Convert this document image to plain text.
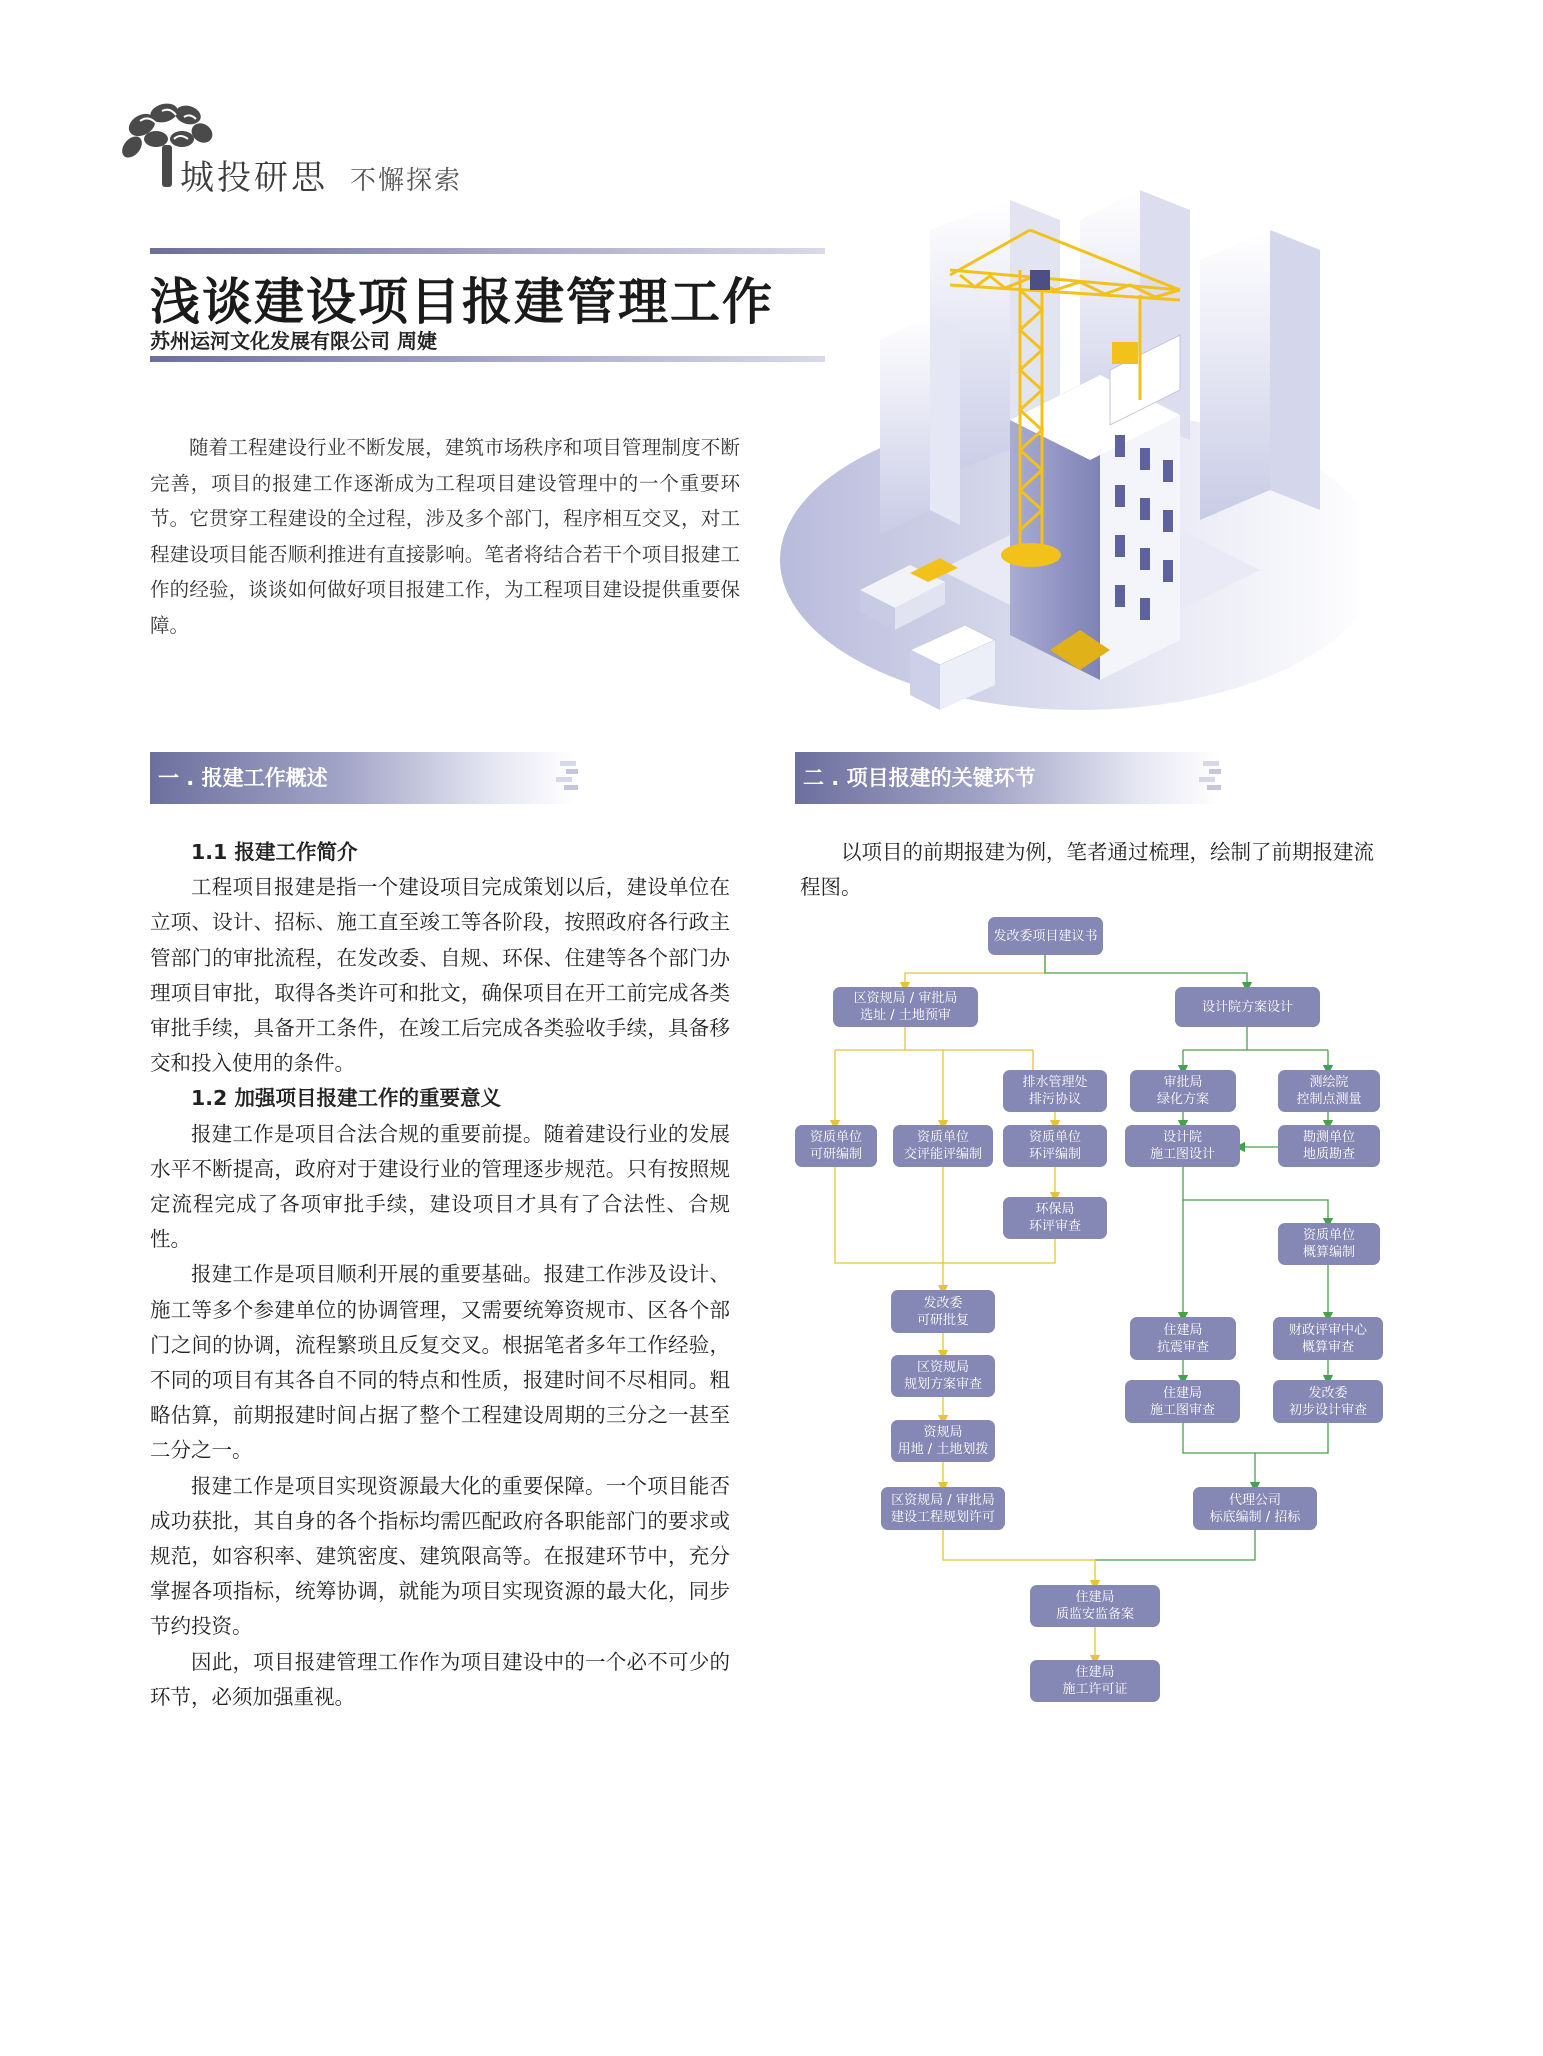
城投研思 不懈探索
浅谈建设项目报建管理工作
苏州运河文化发展有限公司 周婕
随着工程建设行业不断发展，建筑市场秩序和项目管理制度不断完善，项目的报建工作逐渐成为工程项目建设管理中的一个重要环节。它贯穿工程建设的全过程，涉及多个部门，程序相互交叉，对工程建设项目能否顺利推进有直接影响。笔者将结合若干个项目报建工作的经验，谈谈如何做好项目报建工作，为工程项目建设提供重要保障。
一 . 报建工作概述	二 . 项目报建的关键环节

1.1 报建工作简介

工程项目报建是指一个建设项目完成策划以后，建设单位在立项、设计、招标、施工直至竣工等各阶段，按照政府各行政主管部门的审批流程，在发改委、自规、环保、住建等各个部门办理项目审批，取得各类许可和批文，确保项目在开工前完成各类审批手续，具备开工条件，在竣工后完成各类验收手续，具备移交和投入使用的条件。

1.2 加强项目报建工作的重要意义

报建工作是项目合法合规的重要前提。随着建设行业的发展水平不断提高，政府对于建设行业的管理逐步规范。只有按照规定流程完成了各项审批手续，建设项目才具有了合法性、合规性。

报建工作是项目顺利开展的重要基础。报建工作涉及设计、施工等多个参建单位的协调管理，又需要统筹资规市、区各个部门之间的协调，流程繁琐且反复交叉。根据笔者多年工作经验，不同的项目有其各自不同的特点和性质，报建时间不尽相同。粗略估算，前期报建时间占据了整个工程建设周期的三分之一甚至二分之一。

报建工作是项目实现资源最大化的重要保障。一个项目能否成功获批，其自身的各个指标均需匹配政府各职能部门的要求或规范，如容积率、建筑密度、建筑限高等。在报建环节中，充分掌握各项指标，统筹协调，就能为项目实现资源的最大化，同步节约投资。

因此，项目报建管理工作作为项目建设中的一个必不可少的环节，必须加强重视。

以项目的前期报建为例，笔者通过梳理，绘制了前期报建流程图。
发改委项目建议书
区资规局 / 审批局
选址 / 土地预审
设计院方案设计
排水管理处
排污协议
审批局
绿化方案
测绘院
控制点测量
资质单位
可研编制
资质单位
交评能评编制
资质单位
环评编制
设计院
施工图设计
勘测单位
地质勘查
环保局
环评审查
资质单位
概算编制
发改委
可研批复
住建局
抗震审查
财政评审中心
概算审查
区资规局
规划方案审查
住建局
施工图审查
发改委
初步设计审查
资规局
用地 / 土地划拨
区资规局 / 审批局
建设工程规划许可
代理公司
标底编制 / 招标
住建局
质监安监备案
住建局
施工许可证
